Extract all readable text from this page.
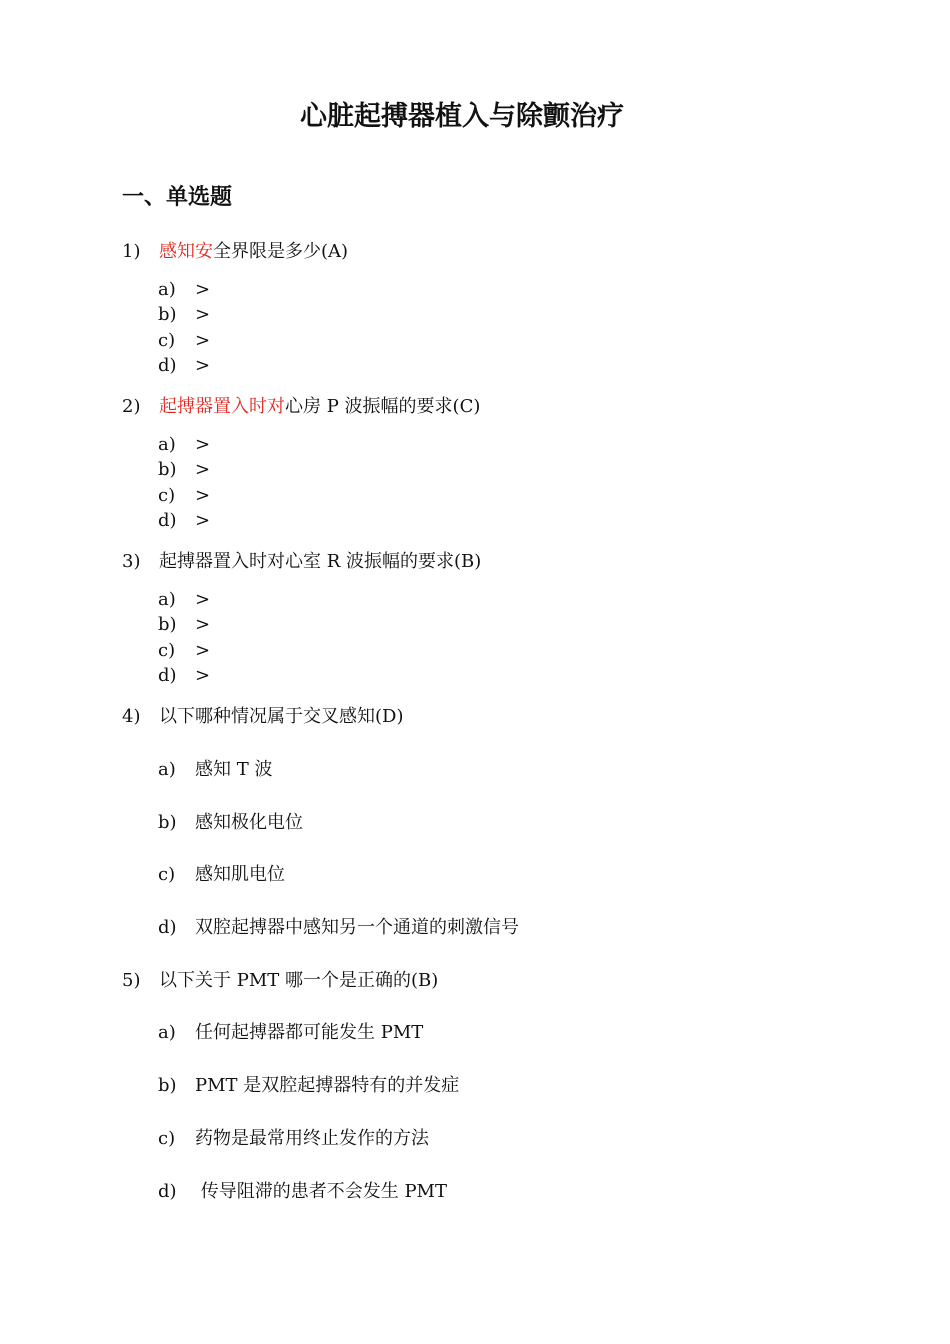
心脏起搏器植入与除颤治疗
一、单选题
1) 感知安全界限是多少(A)
a) >
b) >
c) >
d) >
2) 起搏器置入时对心房 P 波振幅的要求(C)
a) >
b) >
c) >
d) >
3) 起搏器置入时对心室 R 波振幅的要求(B)
a) >
b) >
c) >
d) >
4) 以下哪种情况属于交叉感知(D)
a) 感知 T 波
b) 感知极化电位
c) 感知肌电位
d) 双腔起搏器中感知另一个通道的刺激信号
5) 以下关于 PMT 哪一个是正确的(B)
a) 任何起搏器都可能发生 PMT
b) PMT 是双腔起搏器特有的并发症
c) 药物是最常用终止发作的方法
d) 传导阻滞的患者不会发生 PMT
